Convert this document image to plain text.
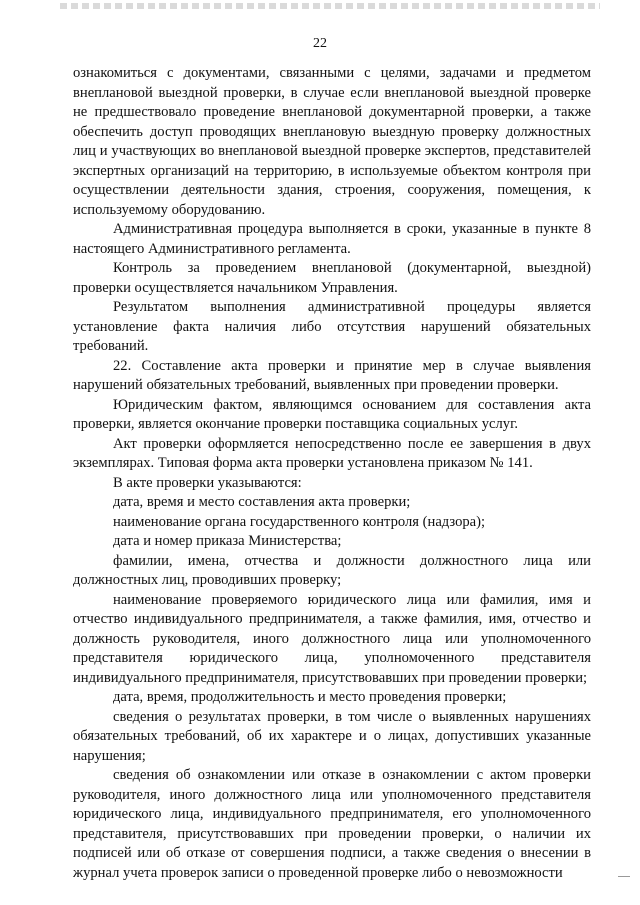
22

ознакомиться с документами, связанными с целями, задачами и предметом внеплановой выездной проверки, в случае если внеплановой выездной проверке не предшествовало проведение внеплановой документарной проверки, а также обеспечить доступ проводящих внеплановую выездную проверку должностных лиц и участвующих во внеплановой выездной проверке экспертов, представителей экспертных организаций на территорию, в используемые объектом контроля при осуществлении деятельности здания, строения, сооружения, помещения, к используемому оборудованию.

Административная процедура выполняется в сроки, указанные в пункте 8 настоящего Административного регламента.

Контроль за проведением внеплановой (документарной, выездной) проверки осуществляется начальником Управления.

Результатом выполнения административной процедуры является установление факта наличия либо отсутствия нарушений обязательных требований.

22. Составление акта проверки и принятие мер в случае выявления нарушений обязательных требований, выявленных при проведении проверки.

Юридическим фактом, являющимся основанием для составления акта проверки, является окончание проверки поставщика социальных услуг.

Акт проверки оформляется непосредственно после ее завершения в двух экземплярах. Типовая форма акта проверки установлена приказом № 141.

В акте проверки указываются:

дата, время и место составления акта проверки;

наименование органа государственного контроля (надзора);

дата и номер приказа Министерства;

фамилии, имена, отчества и должности должностного лица или должностных лиц, проводивших проверку;

наименование проверяемого юридического лица или фамилия, имя и отчество индивидуального предпринимателя, а также фамилия, имя, отчество и должность руководителя, иного должностного лица или уполномоченного представителя юридического лица, уполномоченного представителя индивидуального предпринимателя, присутствовавших при проведении проверки;

дата, время, продолжительность и место проведения проверки;

сведения о результатах проверки, в том числе о выявленных нарушениях обязательных требований, об их характере и о лицах, допустивших указанные нарушения;

сведения об ознакомлении или отказе в ознакомлении с актом проверки руководителя, иного должностного лица или уполномоченного представителя юридического лица, индивидуального предпринимателя, его уполномоченного представителя, присутствовавших при проведении проверки, о наличии их подписей или об отказе от совершения подписи, а также сведения о внесении в журнал учета проверок записи о проведенной проверке либо о невозможности
